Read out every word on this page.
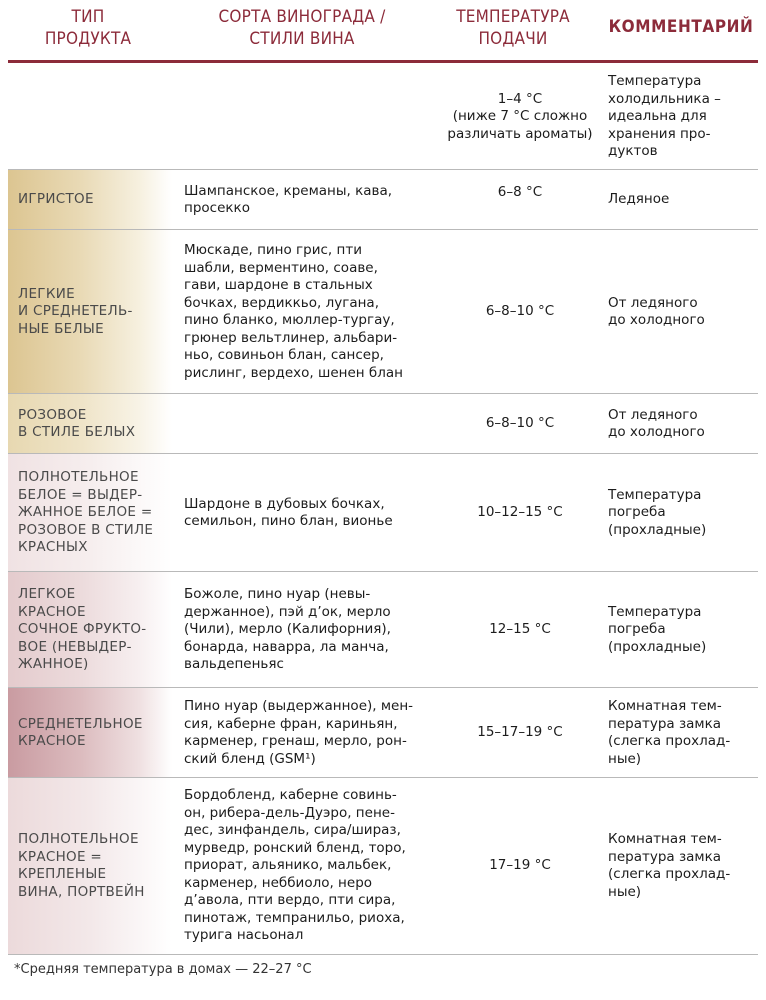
ТИП
ПРОДУКТА
СОРТА ВИНОГРАДА /
СТИЛИ ВИНА
ТЕМПЕРАТУРА
ПОДАЧИ
КОММЕНТАРИЙ
1–4 °C
(ниже 7 °C сложно
различать ароматы)
Температура
холодильника –
идеальна для
хранения про-
дуктов
ИГРИСТОЕ
Шампанское, креманы, кава,
просекко
6–8 °C	Ледяное
ЛЕГКИЕ
И СРЕДНЕТЕЛЬ-
НЫЕ БЕЛЫЕ
Мюскаде, пино грис, пти
шабли, верментино, соаве,
гави, шардоне в стальных
бочках, вердиккьо, лугана,
пино бланко, мюллер-тургау,
грюнер вельтлинер, альбари-
ньо, совиньон блан, сансер,
рислинг, вердехо, шенен блан
6–8–10 °C
От ледяного
до холодного
РОЗОВОЕ
В СТИЛЕ БЕЛЫХ
6–8–10 °C
От ледяного
до холодного
ПОЛНОТЕЛЬНОЕ
БЕЛОЕ = ВЫДЕР-
ЖАННОЕ БЕЛОЕ =
РОЗОВОЕ В СТИЛЕ
КРАСНЫХ
Шардоне в дубовых бочках,
семильон, пино блан, вионье
10–12–15 °C
Температура
погреба
(прохладные)
ЛЕГКОЕ
КРАСНОЕ
СОЧНОЕ ФРУКТО-
ВОЕ (НЕВЫДЕР-
ЖАННОЕ)
Божоле, пино нуар (невы-
держанное), пэй д’ок, мерло
(Чили), мерло (Калифорния),
бонарда, наварра, ла манча,
вальдепеньяс
12–15 °C
Температура
погреба
(прохладные)
СРЕДНЕТЕЛЬНОЕ
КРАСНОЕ
Пино нуар (выдержанное), мен-
сия, каберне фран, кариньян,
карменер, гренаш, мерло, рон-
ский бленд (GSM¹)
15–17–19 °C
Комнатная тем-
пература замка
(слегка прохлад-
ные)
ПОЛНОТЕЛЬНОЕ
КРАСНОЕ =
КРЕПЛЕНЫЕ
ВИНА, ПОРТВЕЙН
Бордобленд, каберне совинь-
он, рибера-дель-Дуэро, пене-
дес, зинфандель, сира/шираз,
мурведр, ронский бленд, торо,
приорат, альянико, мальбек,
карменер, неббиоло, неро
д’авола, пти вердо, пти сира,
пинотаж, темпранильо, риоха,
турига насьонал
17–19 °C
Комнатная тем-
пература замка
(слегка прохлад-
ные)
*Средняя температура в домах — 22–27 °C
